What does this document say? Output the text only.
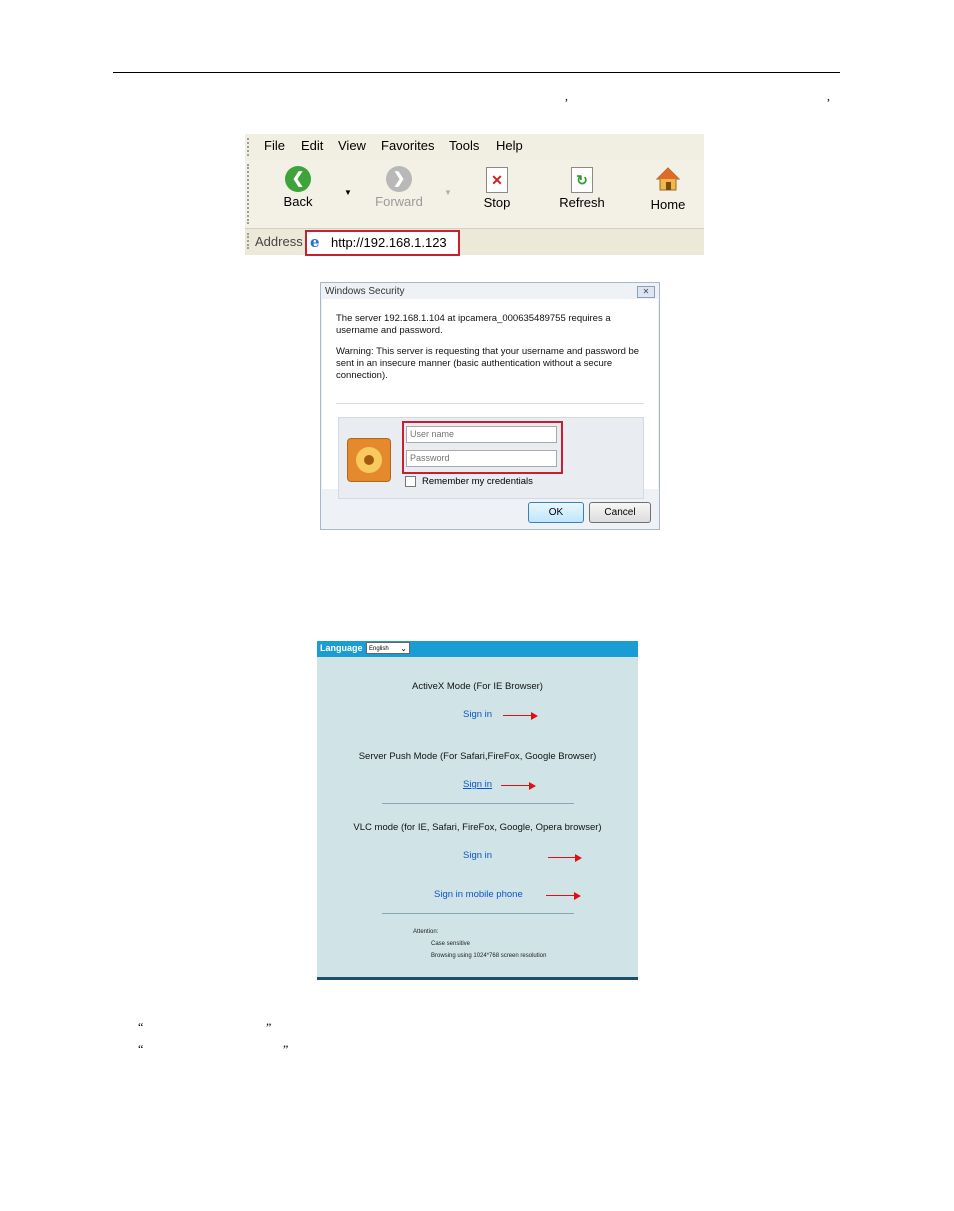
,	,
File Edit View Favorites Tools Help
❮
Back
▼
❯
Forward
▼
✕
Stop
↻
Refresh	Home
Address e http://192.168.1.123
Windows Security	✕
The server 192.168.1.104 at ipcamera_000635489755 requires a username and password.
Warning: This server is requesting that your username and password be sent in an insecure manner (basic authentication without a secure connection).
User name
Remember my credentials
OK	Cancel
Language	English ⌄
ActiveX Mode (For IE Browser)
Sign in
Server Push Mode (For Safari,FireFox, Google Browser)
Sign in
VLC mode (for IE, Safari, FireFox, Google, Opera browser)
Sign in
Sign in mobile phone
Attention:
Case sensitive
Browsing using 1024*768 screen resolution
“	”
“	”
